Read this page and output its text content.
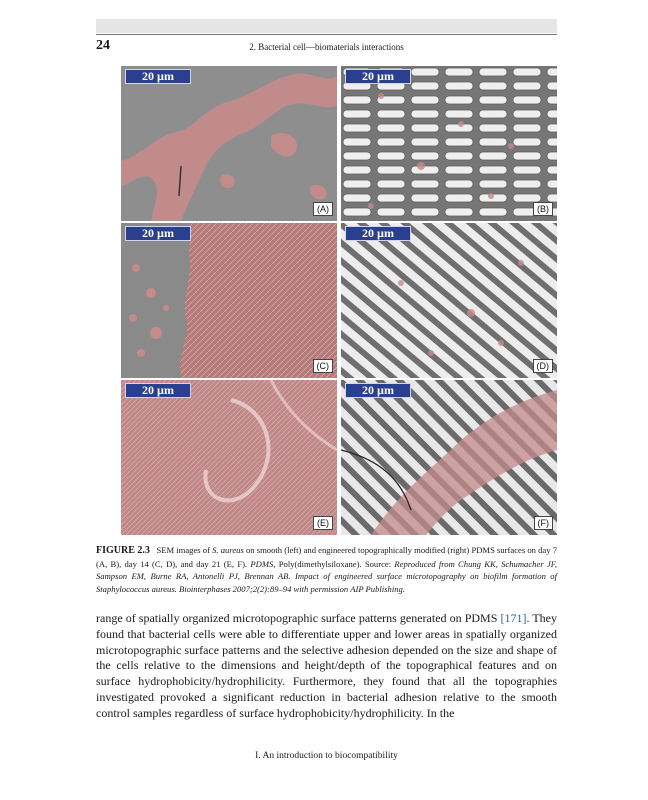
24	2. Bacterial cell—biomaterials interactions
20 µm
(A)
20 µm
(B)
20 µm
(C)
20 µm
(D)
20 µm
(E)
20 µm
(F)
FIGURE 2.3 SEM images of S. aureus on smooth (left) and engineered topographically modified (right) PDMS surfaces on day 7 (A, B), day 14 (C, D), and day 21 (E, F). PDMS, Poly(dimethylsiloxane). Source: Reproduced from Chung KK, Schumacher JF, Sampson EM, Burne RA, Antonelli PJ, Brennan AB. Impact of engineered surface microtopography on biofilm formation of Staphylococcus aureus. Biointerphases 2007;2(2):89–94 with permission AIP Publishing.

range of spatially organized microtopographic surface patterns generated on PDMS [171]. They found that bacterial cells were able to differentiate upper and lower areas in spatially organized microtopographic surface patterns and the selective adhesion depended on the size and shape of the cells relative to the dimensions and height/depth of the topographical features and on surface hydrophobicity/hydrophilicity. Furthermore, they found that all the topographies investigated provoked a significant reduction in bacterial adhesion relative to the smooth control samples regardless of surface hydrophobicity/hydrophilicity. In the

I. An introduction to biocompatibility
